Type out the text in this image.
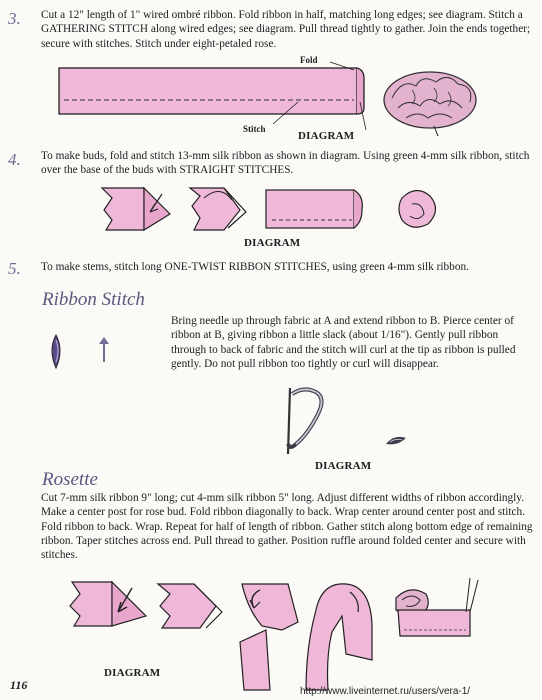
3. Cut a 12" length of 1" wired ombré ribbon. Fold ribbon in half, matching long edges; see diagram. Stitch a GATHERING STITCH along wired edges; see diagram. Pull thread tightly to gather. Join the ends together; secure with stitches. Stitch under eight-petaled rose.
Fold
Stitch
DIAGRAM
4. To make buds, fold and stitch 13-mm silk ribbon as shown in diagram. Using green 4-mm silk ribbon, stitch over the base of the buds with STRAIGHT STITCHES.
DIAGRAM
5. To make stems, stitch long ONE-TWIST RIBBON STITCHES, using green 4-mm silk ribbon.
Ribbon Stitch
Bring needle up through fabric at A and extend ribbon to B. Pierce center of ribbon at B, giving ribbon a little slack (about 1/16"). Gently pull ribbon through to back of fabric and the stitch will curl at the tip as ribbon is pulled gently. Do not pull ribbon too tightly or curl will disappear.
DIAGRAM
Rosette
Cut 7-mm silk ribbon 9" long; cut 4-mm silk ribbon 5" long. Adjust different widths of ribbon accordingly. Make a center post for rose bud. Fold ribbon diagonally to back. Wrap center around center post and stitch. Fold ribbon to back. Wrap. Repeat for half of length of ribbon. Gather stitch along bottom edge of remaining ribbon. Taper stitches across end. Pull thread to gather. Position ruffle around folded center and secure with stitches.
DIAGRAM
116	http://www.liveinternet.ru/users/vera-1/
